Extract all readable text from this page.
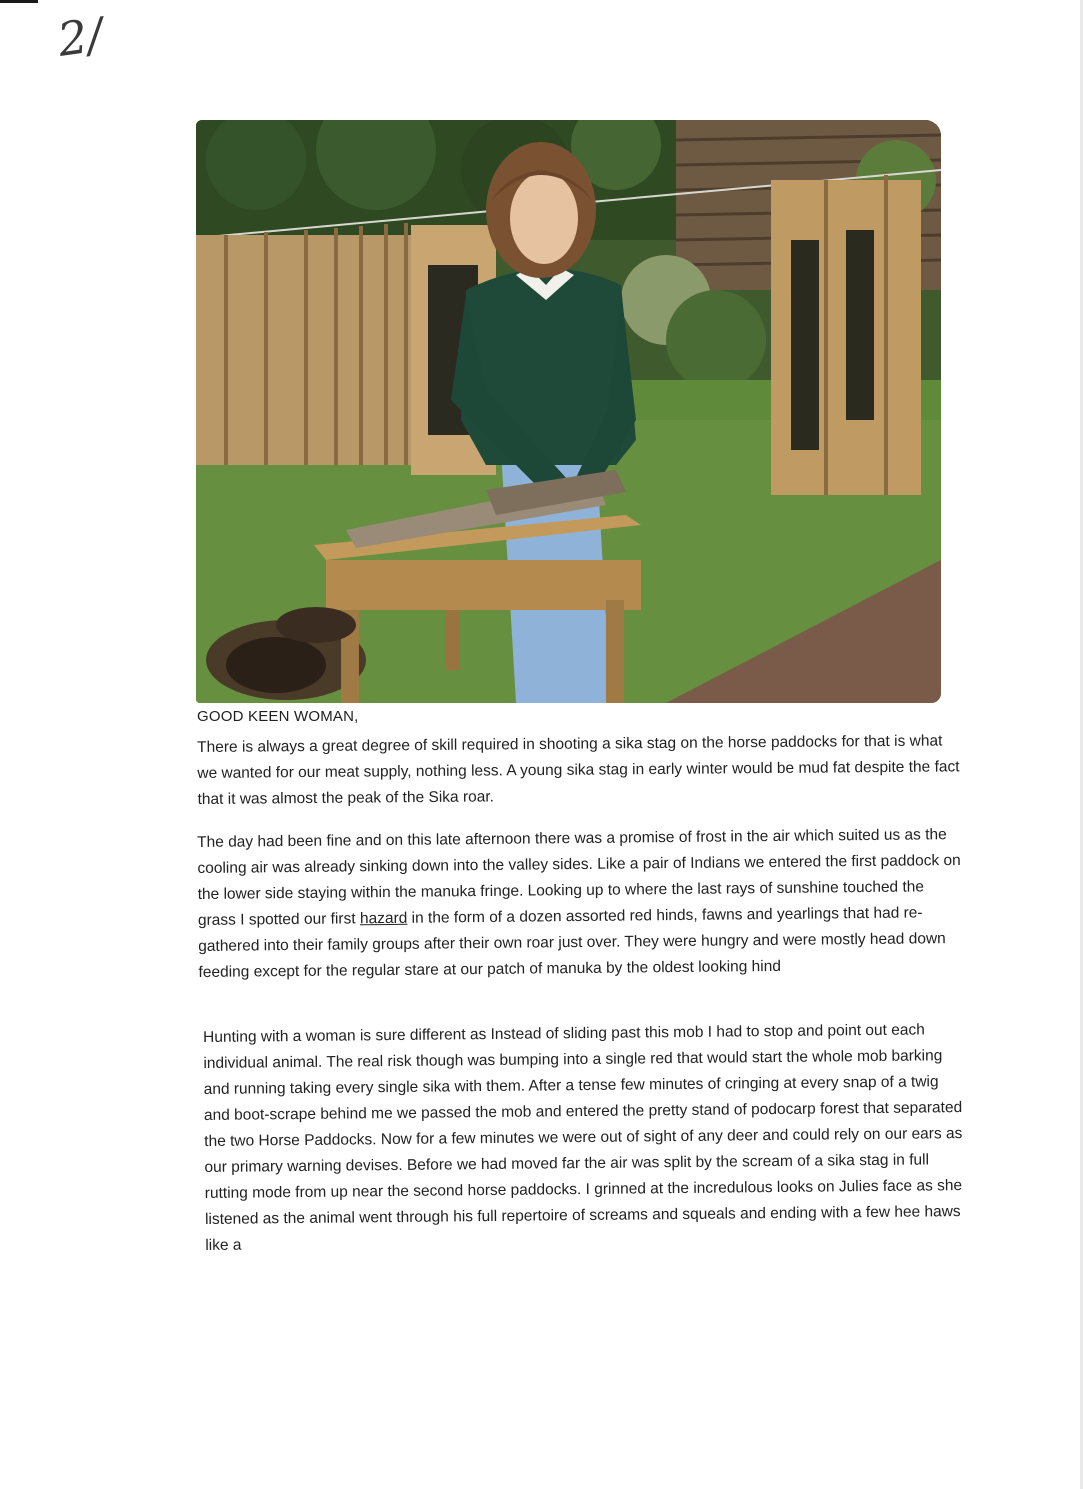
2/
GOOD KEEN WOMAN,

There is always a great degree of skill required in shooting a sika stag on the horse paddocks for that is what we wanted for our meat supply, nothing less. A young sika stag in early winter would be mud fat despite the fact that it was almost the peak of the Sika roar.

The day had been fine and on this late afternoon there was a promise of frost in the air which suited us as the cooling air was already sinking down into the valley sides. Like a pair of Indians we entered the first paddock on the lower side staying within the manuka fringe. Looking up to where the last rays of sunshine touched the grass I spotted our first hazard in the form of a dozen assorted red hinds, fawns and yearlings that had re-gathered into their family groups after their own roar just over. They were hungry and were mostly head down feeding except for the regular stare at our patch of manuka by the oldest looking hind

Hunting with a woman is sure different as Instead of sliding past this mob I had to stop and point out each individual animal. The real risk though was bumping into a single red that would start the whole mob barking and running taking every single sika with them. After a tense few minutes of cringing at every snap of a twig and boot-scrape behind me we passed the mob and entered the pretty stand of podocarp forest that separated the two Horse Paddocks. Now for a few minutes we were out of sight of any deer and could rely on our ears as our primary warning devises. Before we had moved far the air was split by the scream of a sika stag in full rutting mode from up near the second horse paddocks. I grinned at the incredulous looks on Julies face as she listened as the animal went through his full repertoire of screams and squeals and ending with a few hee haws like a
